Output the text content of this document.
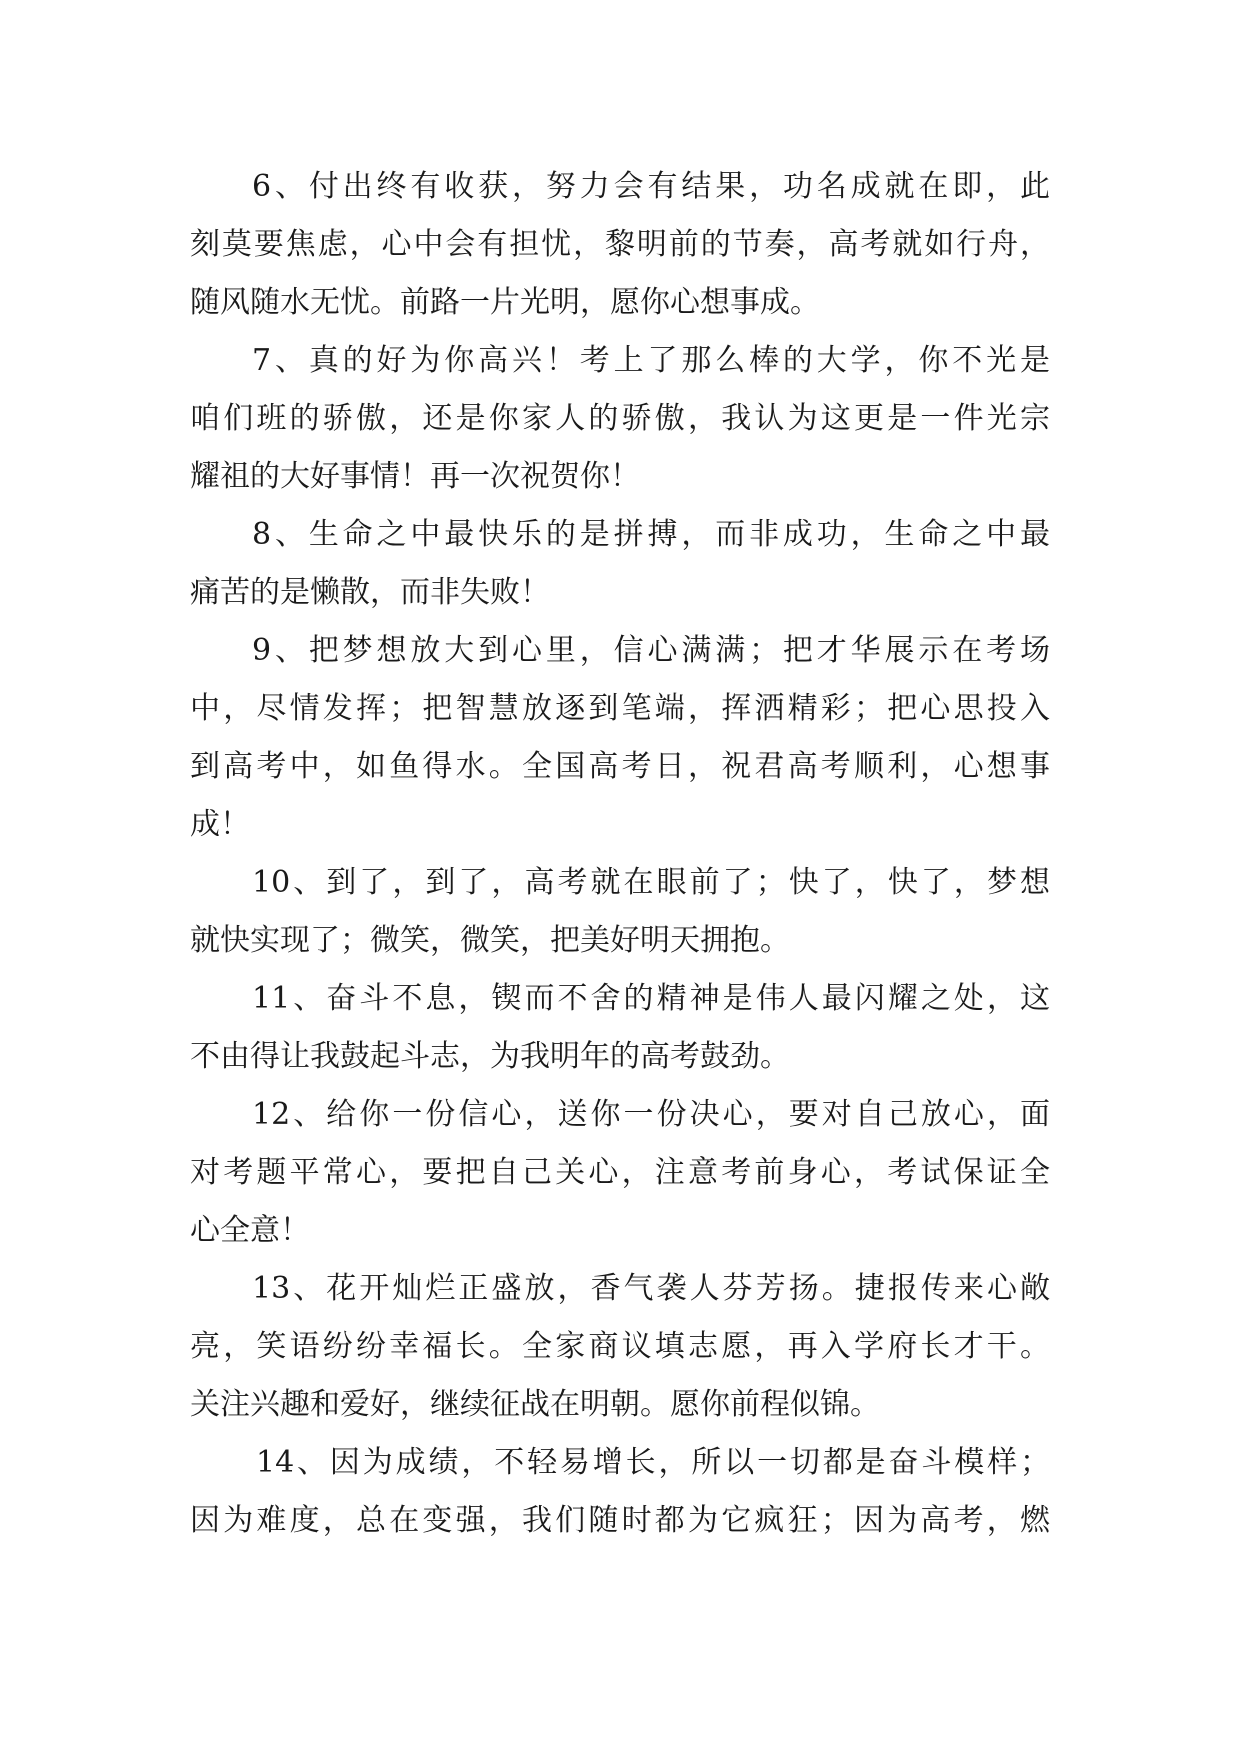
6、付出终有收获，努力会有结果，功名成就在即，此
刻莫要焦虑，心中会有担忧，黎明前的节奏，高考就如行舟，
随风随水无忧。前路一片光明，愿你心想事成。
7、真的好为你高兴！考上了那么棒的大学，你不光是
咱们班的骄傲，还是你家人的骄傲，我认为这更是一件光宗
耀祖的大好事情！再一次祝贺你！
8、生命之中最快乐的是拼搏，而非成功，生命之中最
痛苦的是懒散，而非失败！
9、把梦想放大到心里，信心满满；把才华展示在考场
中，尽情发挥；把智慧放逐到笔端，挥洒精彩；把心思投入
到高考中，如鱼得水。全国高考日，祝君高考顺利，心想事
成！
10、到了，到了，高考就在眼前了；快了，快了，梦想
就快实现了；微笑，微笑，把美好明天拥抱。
11、奋斗不息，锲而不舍的精神是伟人最闪耀之处，这
不由得让我鼓起斗志，为我明年的高考鼓劲。
12、给你一份信心，送你一份决心，要对自己放心，面
对考题平常心，要把自己关心，注意考前身心，考试保证全
心全意！
13、花开灿烂正盛放，香气袭人芬芳扬。捷报传来心敞
亮，笑语纷纷幸福长。全家商议填志愿，再入学府长才干。
关注兴趣和爱好，继续征战在明朝。愿你前程似锦。
14、因为成绩，不轻易增长，所以一切都是奋斗模样；
因为难度，总在变强，我们随时都为它疯狂；因为高考，燃
